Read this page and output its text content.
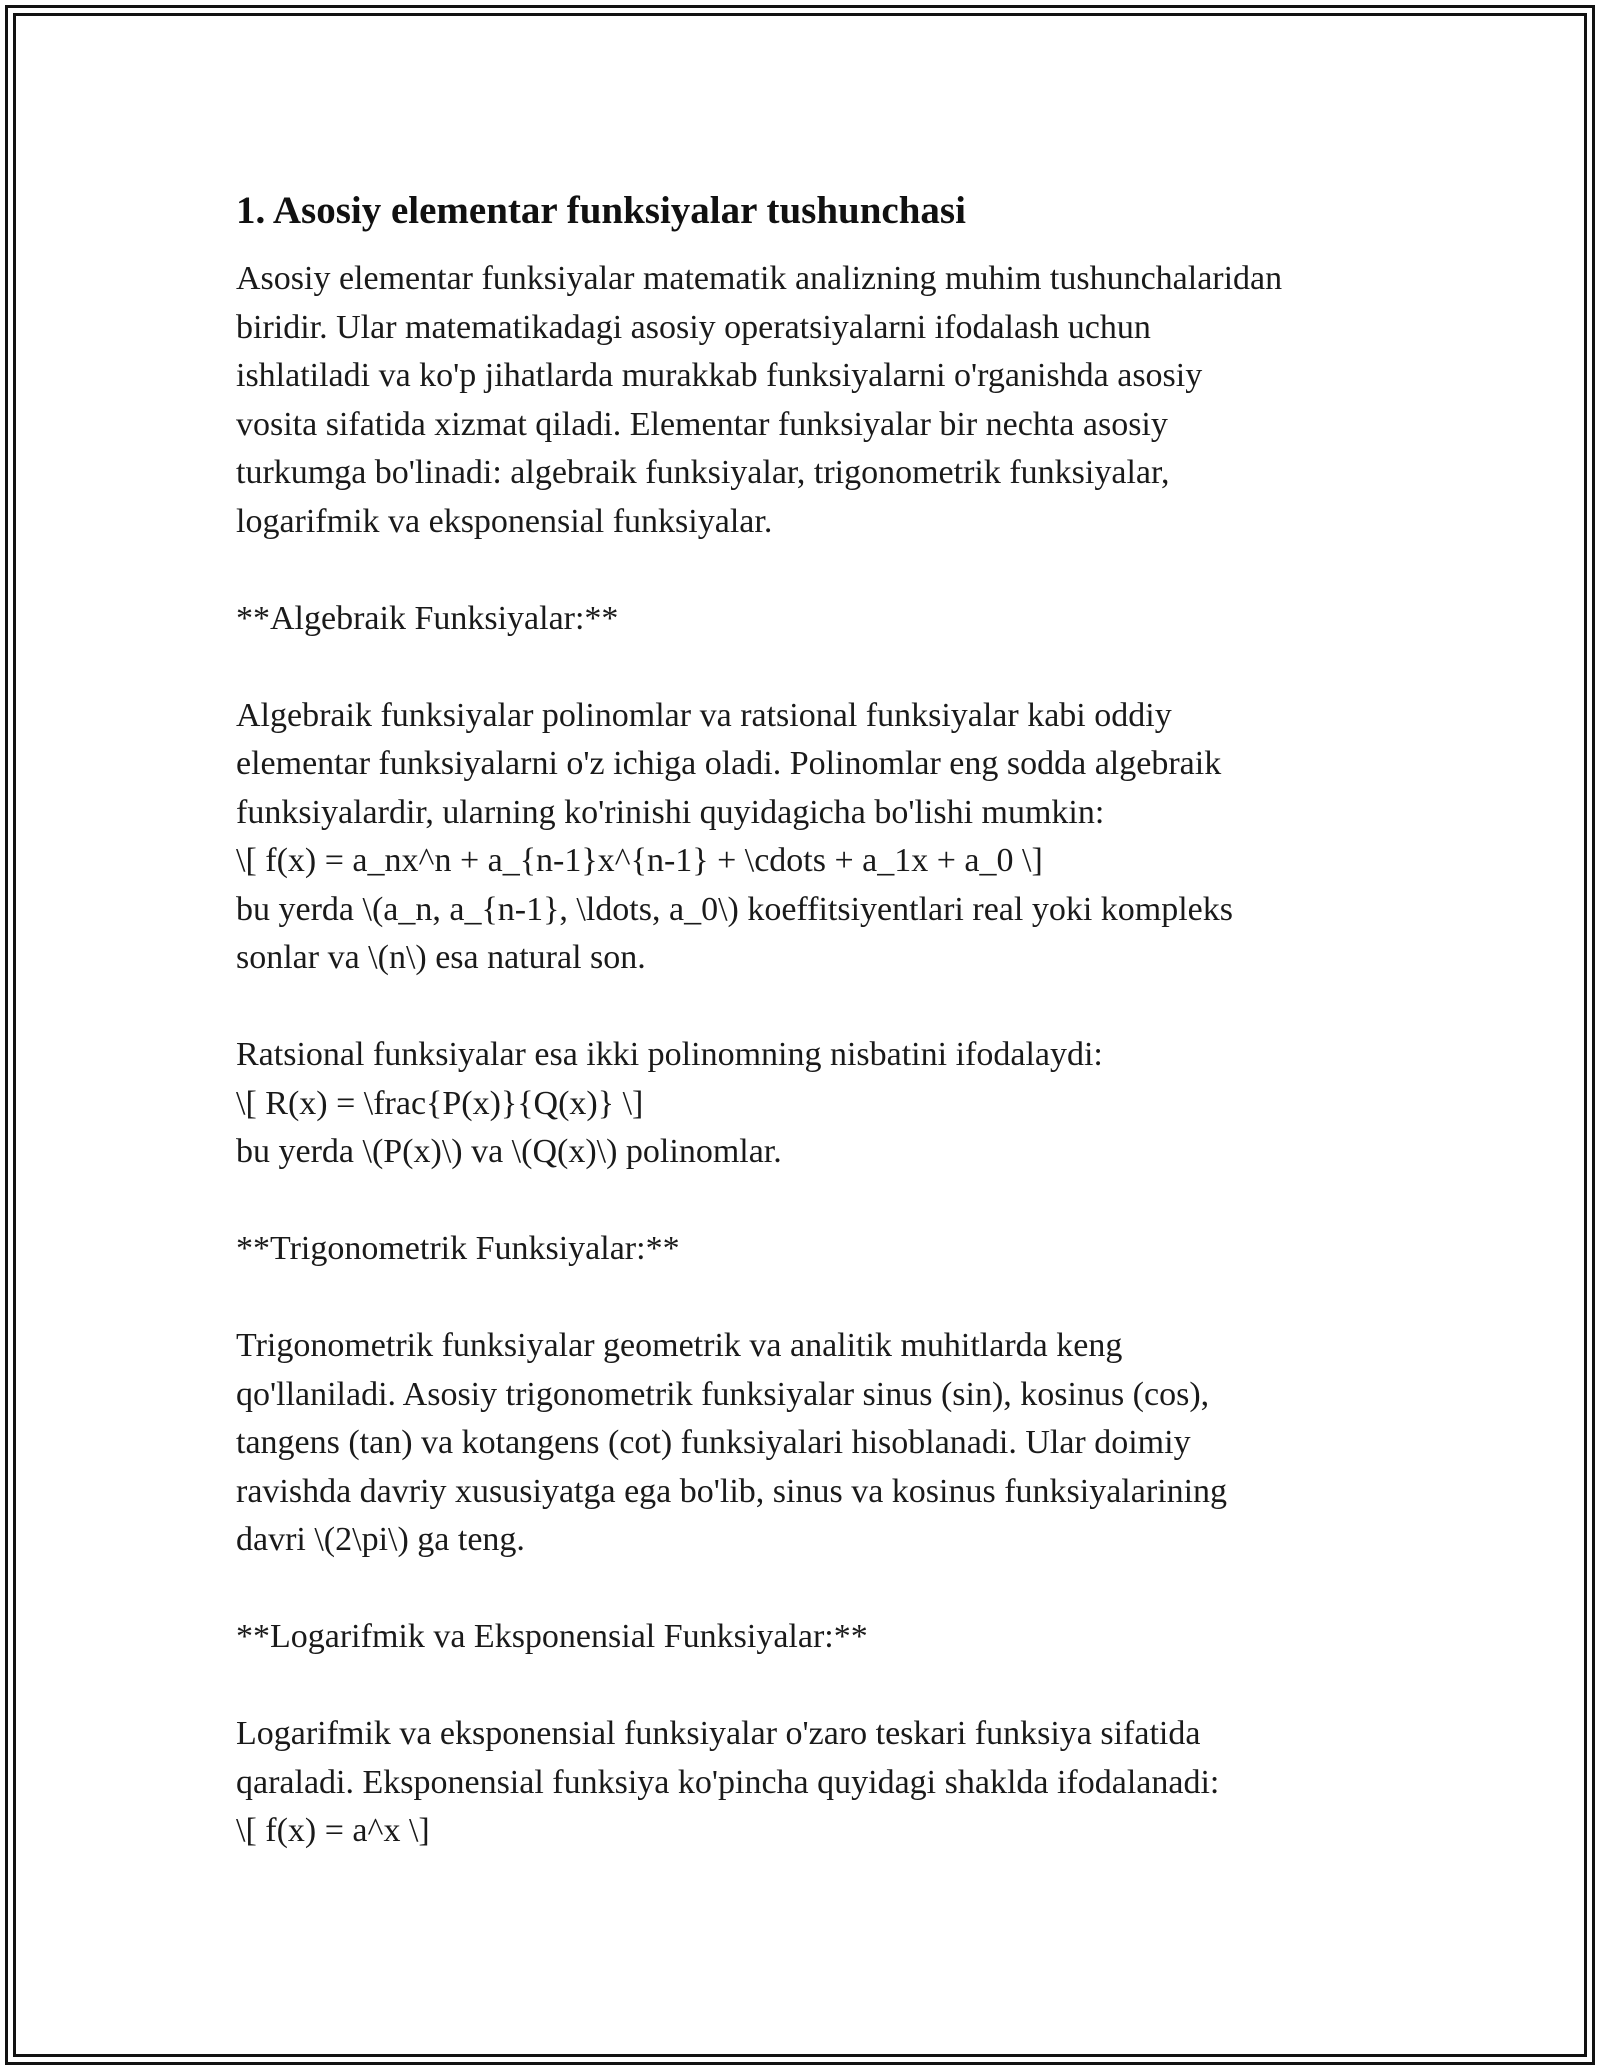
1. Asosiy elementar funksiyalar tushunchasi
Asosiy elementar funksiyalar matematik analizning muhim tushunchalaridan
biridir. Ular matematikadagi asosiy operatsiyalarni ifodalash uchun
ishlatiladi va ko'p jihatlarda murakkab funksiyalarni o'rganishda asosiy
vosita sifatida xizmat qiladi. Elementar funksiyalar bir nechta asosiy
turkumga bo'linadi: algebraik funksiyalar, trigonometrik funksiyalar,
logarifmik va eksponensial funksiyalar.
**Algebraik Funksiyalar:**
Algebraik funksiyalar polinomlar va ratsional funksiyalar kabi oddiy
elementar funksiyalarni o'z ichiga oladi. Polinomlar eng sodda algebraik
funksiyalardir, ularning ko'rinishi quyidagicha bo'lishi mumkin:
\[ f(x) = a_nx^n + a_{n-1}x^{n-1} + \cdots + a_1x + a_0 \]
bu yerda \(a_n, a_{n-1}, \ldots, a_0\) koeffitsiyentlari real yoki kompleks
sonlar va \(n\) esa natural son.
Ratsional funksiyalar esa ikki polinomning nisbatini ifodalaydi:
\[ R(x) = \frac{P(x)}{Q(x)} \]
bu yerda \(P(x)\) va \(Q(x)\) polinomlar.
**Trigonometrik Funksiyalar:**
Trigonometrik funksiyalar geometrik va analitik muhitlarda keng
qo'llaniladi. Asosiy trigonometrik funksiyalar sinus (sin), kosinus (cos),
tangens (tan) va kotangens (cot) funksiyalari hisoblanadi. Ular doimiy
ravishda davriy xususiyatga ega bo'lib, sinus va kosinus funksiyalarining
davri \(2\pi\) ga teng.
**Logarifmik va Eksponensial Funksiyalar:**
Logarifmik va eksponensial funksiyalar o'zaro teskari funksiya sifatida
qaraladi. Eksponensial funksiya ko'pincha quyidagi shaklda ifodalanadi:
\[ f(x) = a^x \]
